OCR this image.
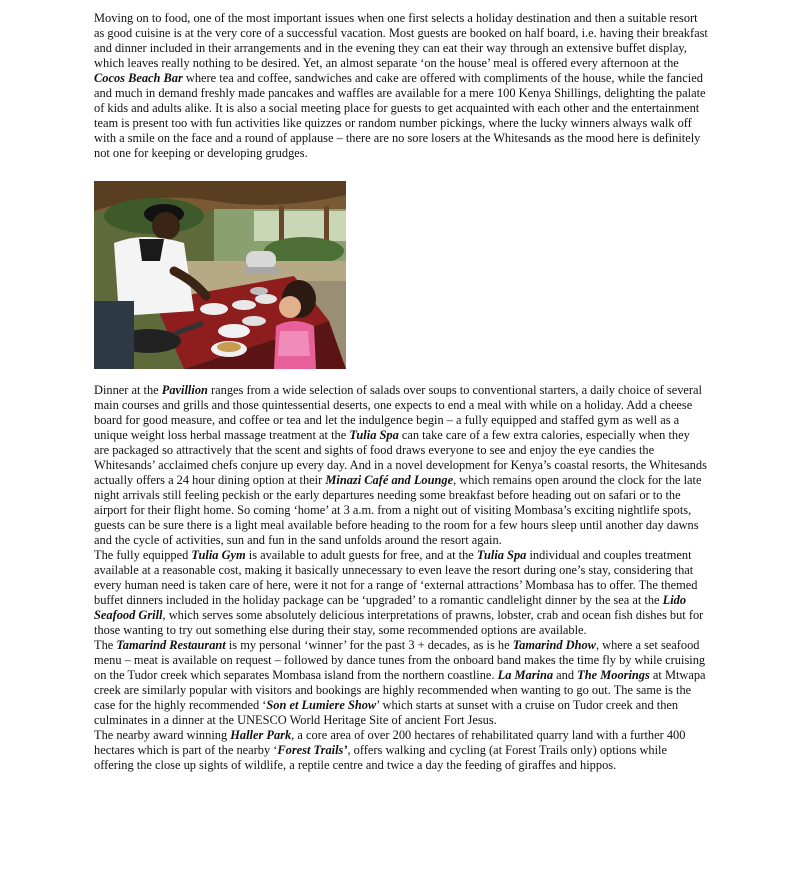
Moving on to food, one of the most important issues when one first selects a holiday destination and then a suitable resort as good cuisine is at the very core of a successful vacation. Most guests are booked on half board, i.e. having their breakfast and dinner included in their arrangements and in the evening they can eat their way through an extensive buffet display, which leaves really nothing to be desired. Yet, an almost separate ‘on the house’ meal is offered every afternoon at the Cocos Beach Bar where tea and coffee, sandwiches and cake are offered with compliments of the house, while the fancied and much in demand freshly made pancakes and waffles are available for a mere 100 Kenya Shillings, delighting the palate of kids and adults alike. It is also a social meeting place for guests to get acquainted with each other and the entertainment team is present too with fun activities like quizzes or random number pickings, where the lucky winners always walk off with a smile on the face and a round of applause – there are no sore losers at the Whitesands as the mood here is definitely not one for keeping or developing grudges.

Dinner at the Pavillion ranges from a wide selection of salads over soups to conventional starters, a daily choice of several main courses and grills and those quintessential deserts, one expects to end a meal with while on a holiday. Add a cheese board for good measure, and coffee or tea and let the indulgence begin – a fully equipped and staffed gym as well as a unique weight loss herbal massage treatment at the Tulia Spa can take care of a few extra calories, especially when they are packaged so attractively that the scent and sights of food draws everyone to see and enjoy the eye candies the Whitesands’ acclaimed chefs conjure up every day. And in a novel development for Kenya’s coastal resorts, the Whitesands actually offers a 24 hour dining option at their Minazi Café and Lounge, which remains open around the clock for the late night arrivals still feeling peckish or the early departures needing some breakfast before heading out on safari or to the airport for their flight home. So coming ‘home’ at 3 a.m. from a night out of visiting Mombasa’s exciting nightlife spots, guests can be sure there is a light meal available before heading to the room for a few hours sleep until another day dawns and the cycle of activities, sun and fun in the sand unfolds around the resort again.

The fully equipped Tulia Gym is available to adult guests for free, and at the Tulia Spa individual and couples treatment available at a reasonable cost, making it basically unnecessary to even leave the resort during one’s stay, considering that every human need is taken care of here, were it not for a range of ‘external attractions’ Mombasa has to offer. The themed buffet dinners included in the holiday package can be ‘upgraded’ to a romantic candlelight dinner by the sea at the Lido Seafood Grill, which serves some absolutely delicious interpretations of prawns, lobster, crab and ocean fish dishes but for those wanting to try out something else during their stay, some recommended options are available.

The Tamarind Restaurant is my personal ‘winner’ for the past 3 + decades, as is he Tamarind Dhow, where a set seafood menu – meat is available on request – followed by dance tunes from the onboard band makes the time fly by while cruising on the Tudor creek which separates Mombasa island from the northern coastline. La Marina and The Moorings at Mtwapa creek are similarly popular with visitors and bookings are highly recommended when wanting to go out. The same is the case for the highly recommended ‘Son et Lumiere Show’ which starts at sunset with a cruise on Tudor creek and then culminates in a dinner at the UNESCO World Heritage Site of ancient Fort Jesus.

The nearby award winning Haller Park, a core area of over 200 hectares of rehabilitated quarry land with a further 400 hectares which is part of the nearby ‘Forest Trails’, offers walking and cycling (at Forest Trails only) options while offering the close up sights of wildlife, a reptile centre and twice a day the feeding of giraffes and hippos.
